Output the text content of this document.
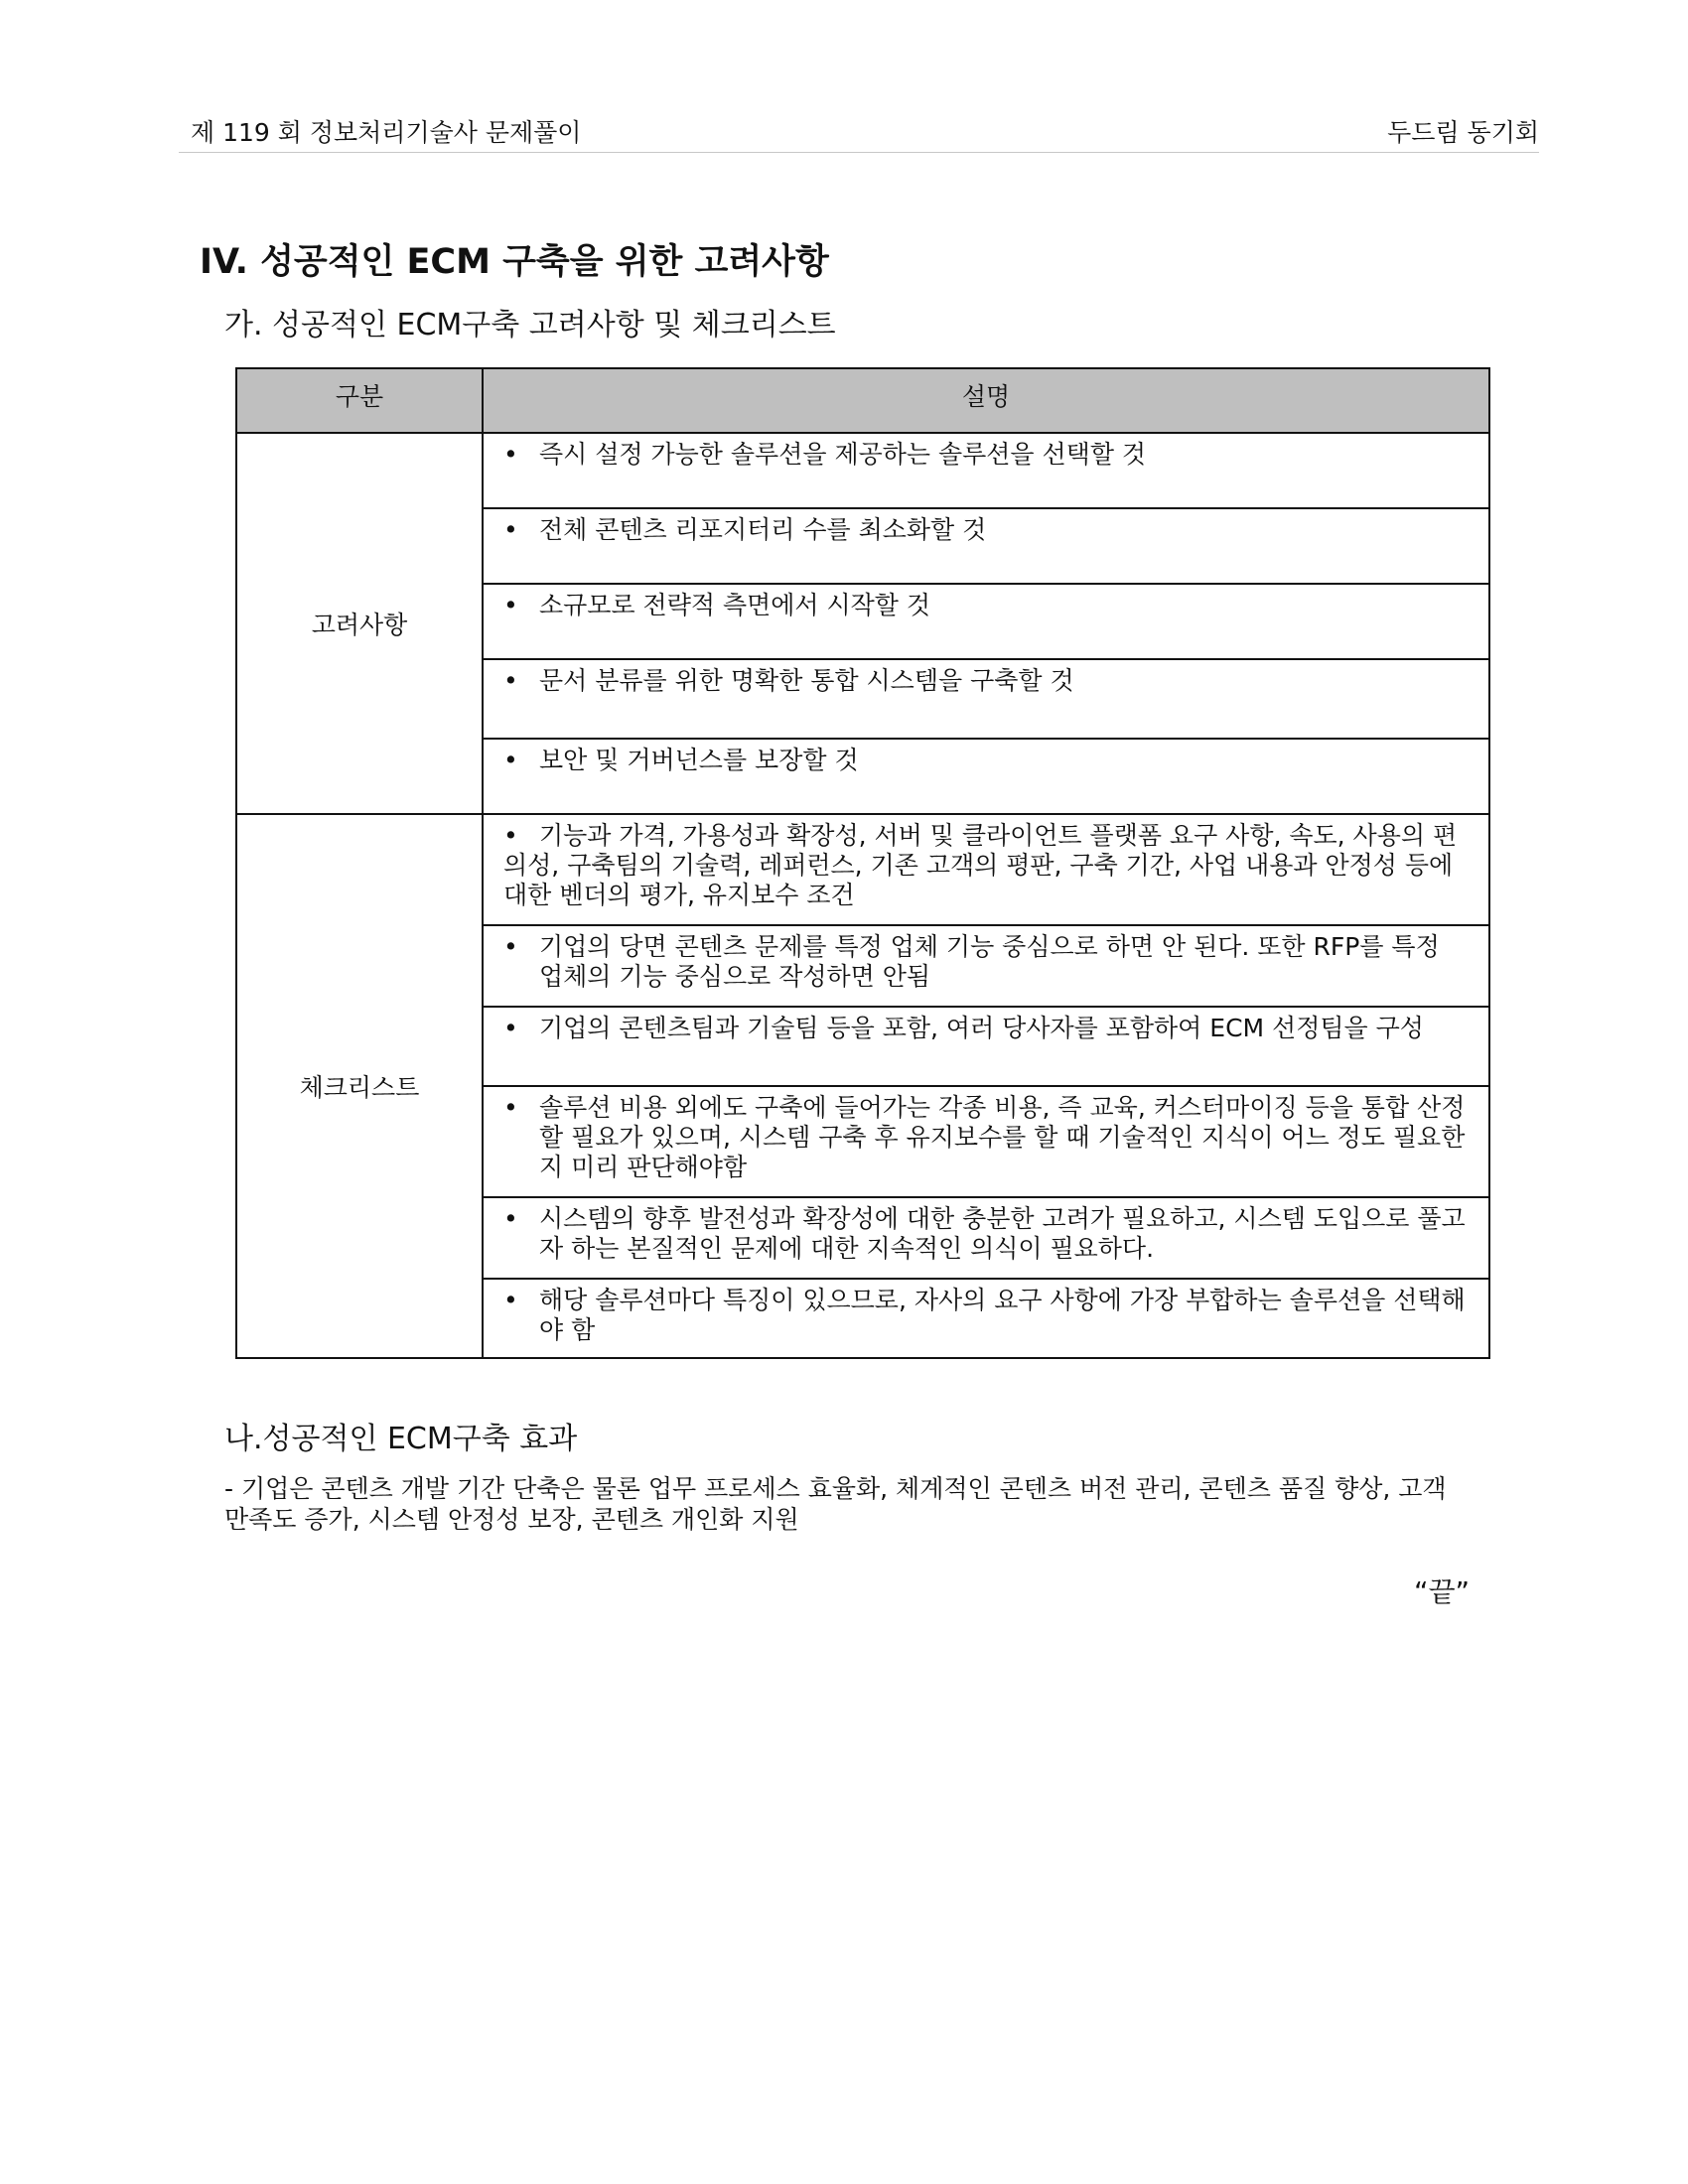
제 119 회 정보처리기술사 문제풀이	두드림 동기회
IV. 성공적인 ECM 구축을 위한 고려사항
가. 성공적인 ECM구축 고려사항 및 체크리스트
구분	설명

고려사항	• 즉시 설정 가능한 솔루션을 제공하는 솔루션을 선택할 것

	• 전체 콘텐츠 리포지터리 수를 최소화할 것

	• 소규모로 전략적 측면에서 시작할 것

	• 문서 분류를 위한 명확한 통합 시스템을 구축할 것

	• 보안 및 거버넌스를 보장할 것

체크리스트	• 기능과 가격, 가용성과 확장성, 서버 및 클라이언트 플랫폼 요구 사항, 속도, 사용의 편의성, 구축팀의 기술력, 레퍼런스, 기존 고객의 평판, 구축 기간, 사업 내용과 안정성 등에 대한 벤더의 평가, 유지보수 조건

	• 기업의 당면 콘텐츠 문제를 특정 업체 기능 중심으로 하면 안 된다. 또한 RFP를 특정 업체의 기능 중심으로 작성하면 안됨

	• 기업의 콘텐츠팀과 기술팀 등을 포함, 여러 당사자를 포함하여 ECM 선정팀을 구성

	• 솔루션 비용 외에도 구축에 들어가는 각종 비용, 즉 교육, 커스터마이징 등을 통합 산정할 필요가 있으며, 시스템 구축 후 유지보수를 할 때 기술적인 지식이 어느 정도 필요한지 미리 판단해야함

	• 시스템의 향후 발전성과 확장성에 대한 충분한 고려가 필요하고, 시스템 도입으로 풀고자 하는 본질적인 문제에 대한 지속적인 의식이 필요하다.

	• 해당 솔루션마다 특징이 있으므로, 자사의 요구 사항에 가장 부합하는 솔루션을 선택해야 함
나.성공적인 ECM구축 효과

- 기업은 콘텐츠 개발 기간 단축은 물론 업무 프로세스 효율화, 체계적인 콘텐츠 버전 관리, 콘텐츠 품질 향상, 고객 만족도 증가, 시스템 안정성 보장, 콘텐츠 개인화 지원

“끝”
